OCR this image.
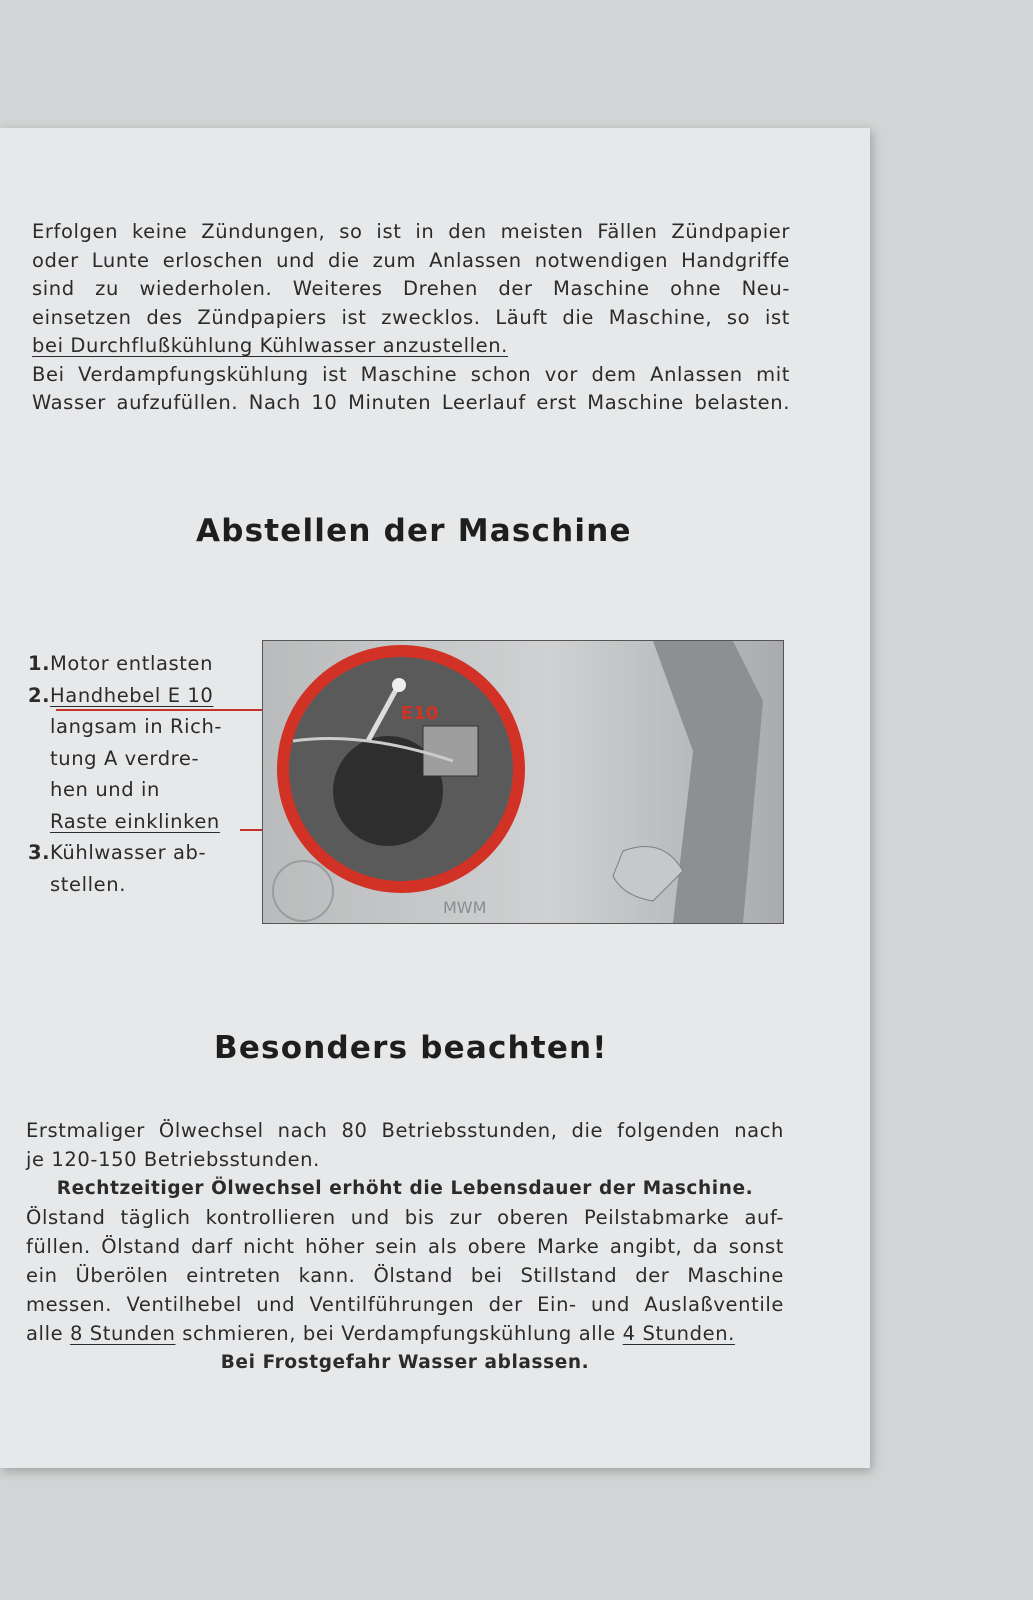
Erfolgen keine Zündungen, so ist in den meisten Fällen Zündpapier
oder Lunte erloschen und die zum Anlassen notwendigen Handgriffe
sind zu wiederholen. Weiteres Drehen der Maschine ohne Neu-
einsetzen des Zündpapiers ist zwecklos. Läuft die Maschine, so ist
bei Durchflußkühlung Kühlwasser anzustellen.
Bei Verdampfungskühlung ist Maschine schon vor dem Anlassen mit
Wasser aufzufüllen. Nach 10 Minuten Leerlauf erst Maschine belasten.
Abstellen der Maschine
1.Motor entlasten
2.Handhebel E 10
langsam in Rich-
tung A verdre-
hen und in
Raste einklinken
3.Kühlwasser ab-
stellen.
E10
MWM
Besonders beachten!
Erstmaliger Ölwechsel nach 80 Betriebsstunden, die folgenden nach
je 120-150 Betriebsstunden.
Rechtzeitiger Ölwechsel erhöht die Lebensdauer der Maschine.
Ölstand täglich kontrollieren und bis zur oberen Peilstabmarke auf-
füllen. Ölstand darf nicht höher sein als obere Marke angibt, da sonst
ein Überölen eintreten kann. Ölstand bei Stillstand der Maschine
messen. Ventilhebel und Ventilführungen der Ein- und Auslaßventile
alle 8 Stunden schmieren, bei Verdampfungskühlung alle 4 Stunden.
Bei Frostgefahr Wasser ablassen.
